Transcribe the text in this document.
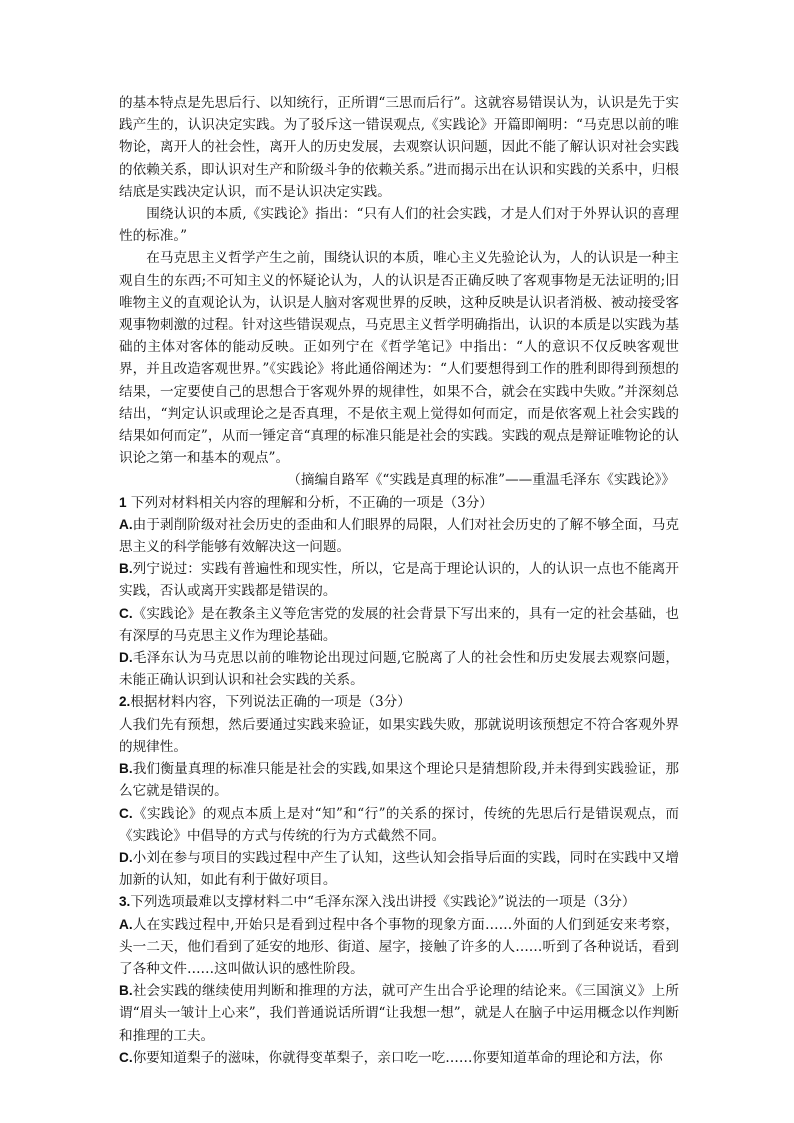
的基本特点是先思后行、以知统行，正所谓“三思而后行”。这就容易错误认为，认识是先于实践产生的，认识决定实践。为了驳斥这一错误观点,《实践论》开篇即阐明：“马克思以前的唯物论，离开人的社会性，离开人的历史发展，去观察认识问题，因此不能了解认识对社会实践的依赖关系，即认识对生产和阶级斗争的依赖关系。”进而揭示出在认识和实践的关系中，归根结底是实践决定认识，而不是认识决定实践。

围绕认识的本质,《实践论》指出：“只有人们的社会实践，才是人们对于外界认识的喜理性的标准。”

在马克思主义哲学产生之前，围绕认识的本质，唯心主义先验论认为，人的认识是一种主观自生的东西;不可知主义的怀疑论认为，人的认识是否正确反映了客观事物是无法证明的;旧唯物主义的直观论认为，认识是人脑对客观世界的反映，这种反映是认识者消极、被动接受客观事物刺激的过程。针对这些错误观点，马克思主义哲学明确指出，认识的本质是以实践为基础的主体对客体的能动反映。正如列宁在《哲学笔记》中指出：“人的意识不仅反映客观世界，并且改造客观世界。”《实践论》将此通俗阐述为：“人们要想得到工作的胜利即得到预想的结果，一定要使自己的思想合于客观外界的规律性，如果不合，就会在实践中失败。”并深刻总结出，“判定认识或理论之是否真理，不是依主观上觉得如何而定，而是依客观上社会实践的结果如何而定”，从而一锤定音“真理的标准只能是社会的实践。实践的观点是辩证唯物论的认识论之第一和基本的观点”。

（摘编自路军《“实践是真理的标准”——重温毛泽东《实践论》》

1 下列对材料相关内容的理解和分析，不正确的一项是（3分）

A.由于剥削阶级对社会历史的歪曲和人们眼界的局限，人们对社会历史的了解不够全面，马克思主义的科学能够有效解决这一问题。

B.列宁说过：实践有普遍性和现实性，所以，它是高于理论认识的，人的认识一点也不能离开实践，否认或离开实践都是错误的。

C.《实践论》是在教条主义等危害党的发展的社会背景下写出来的，具有一定的社会基础，也有深厚的马克思主义作为理论基础。

D.毛泽东认为马克思以前的唯物论出现过问题,它脱离了人的社会性和历史发展去观察问题，未能正确认识到认识和社会实践的关系。

2.根据材料内容，下列说法正确的一项是（3分）

人我们先有预想，然后要通过实践来验证，如果实践失败，那就说明该预想定不符合客观外界的规律性。

B.我们衡量真理的标准只能是社会的实践,如果这个理论只是猜想阶段,并未得到实践验证，那么它就是错误的。

C.《实践论》的观点本质上是对“知”和“行”的关系的探讨，传统的先思后行是错误观点，而《实践论》中倡导的方式与传统的行为方式截然不同。

D.小刘在参与项目的实践过程中产生了认知，这些认知会指导后面的实践，同时在实践中又增加新的认知，如此有利于做好项目。

3.下列选项最难以支撑材料二中“毛泽东深入浅出讲授《实践论》”说法的一项是（3分）

A.人在实践过程中,开始只是看到过程中各个事物的现象方面……外面的人们到延安来考察，头一二天，他们看到了延安的地形、街道、屋字，接触了许多的人……听到了各种说话，看到了各种文件……这叫做认识的感性阶段。

B.社会实践的继续使用判断和推理的方法，就可产生出合乎论理的结论来。《三国演义》上所谓“眉头一皱计上心来”，我们普通说话所谓“让我想一想”，就是人在脑子中运用概念以作判断和推理的工夫。

C.你要知道梨子的滋味，你就得变革梨子，亲口吃一吃……你要知道革命的理论和方法，你
